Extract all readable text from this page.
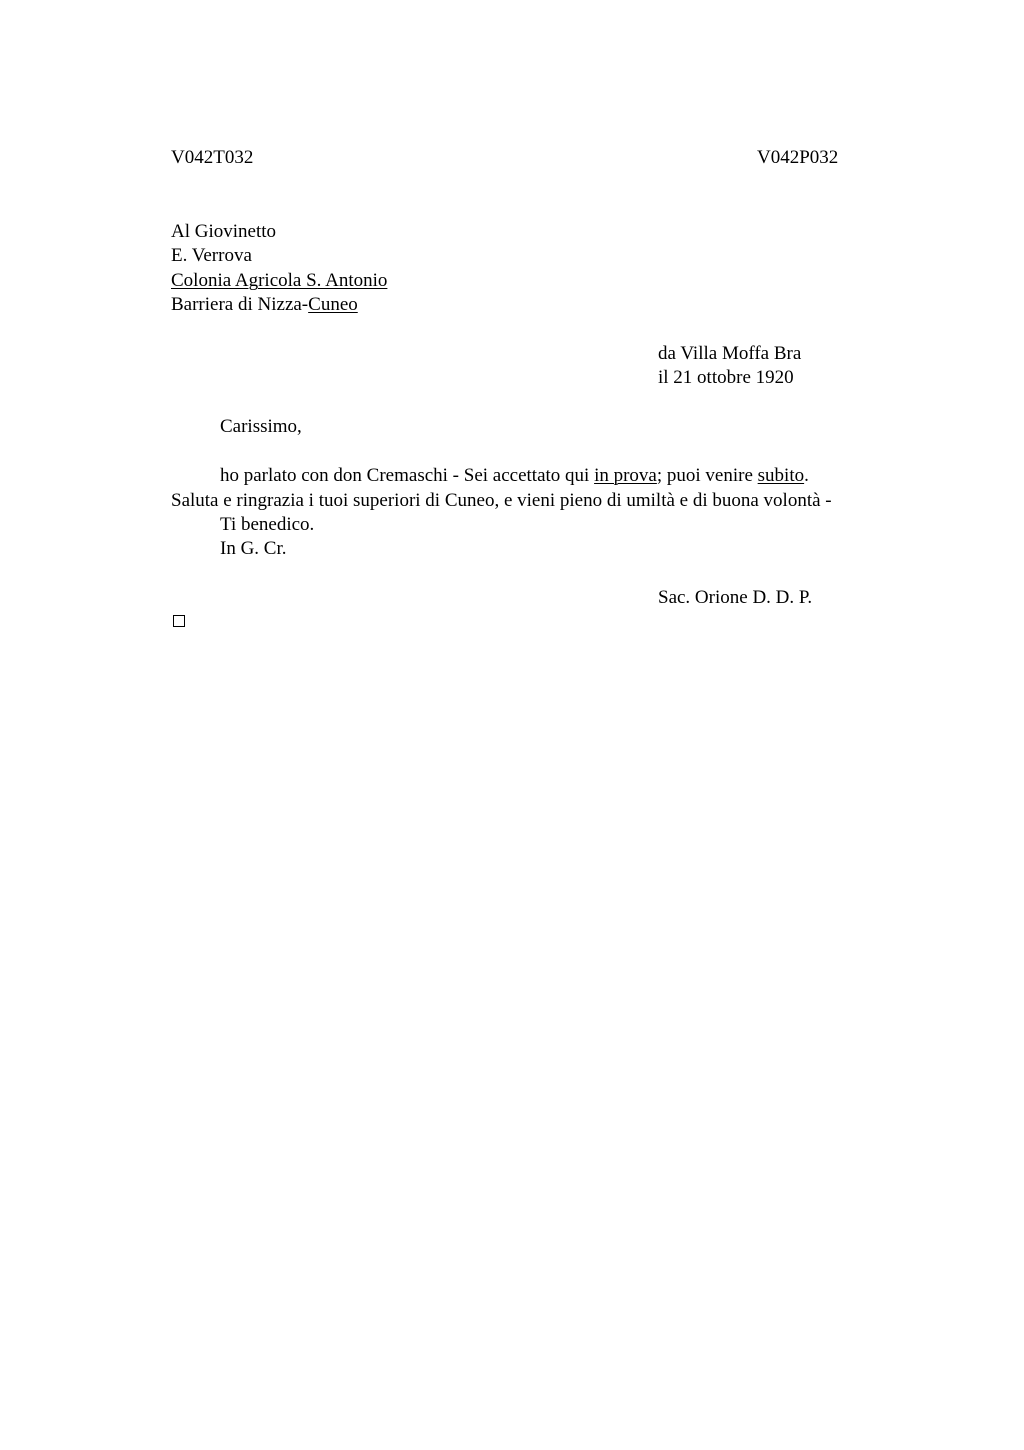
V042T032	V042P032
Al Giovinetto
E. Verrova
Colonia Agricola S. Antonio
Barriera di Nizza-Cuneo
da Villa Moffa Bra
il 21 ottobre 1920
Carissimo,
ho parlato con don Cremaschi - Sei accettato qui in prova; puoi venire subito.
Saluta e ringrazia i tuoi superiori di Cuneo, e vieni pieno di umiltà e di buona volontà -
Ti benedico.
In G. Cr.
Sac. Orione D. D. P.
